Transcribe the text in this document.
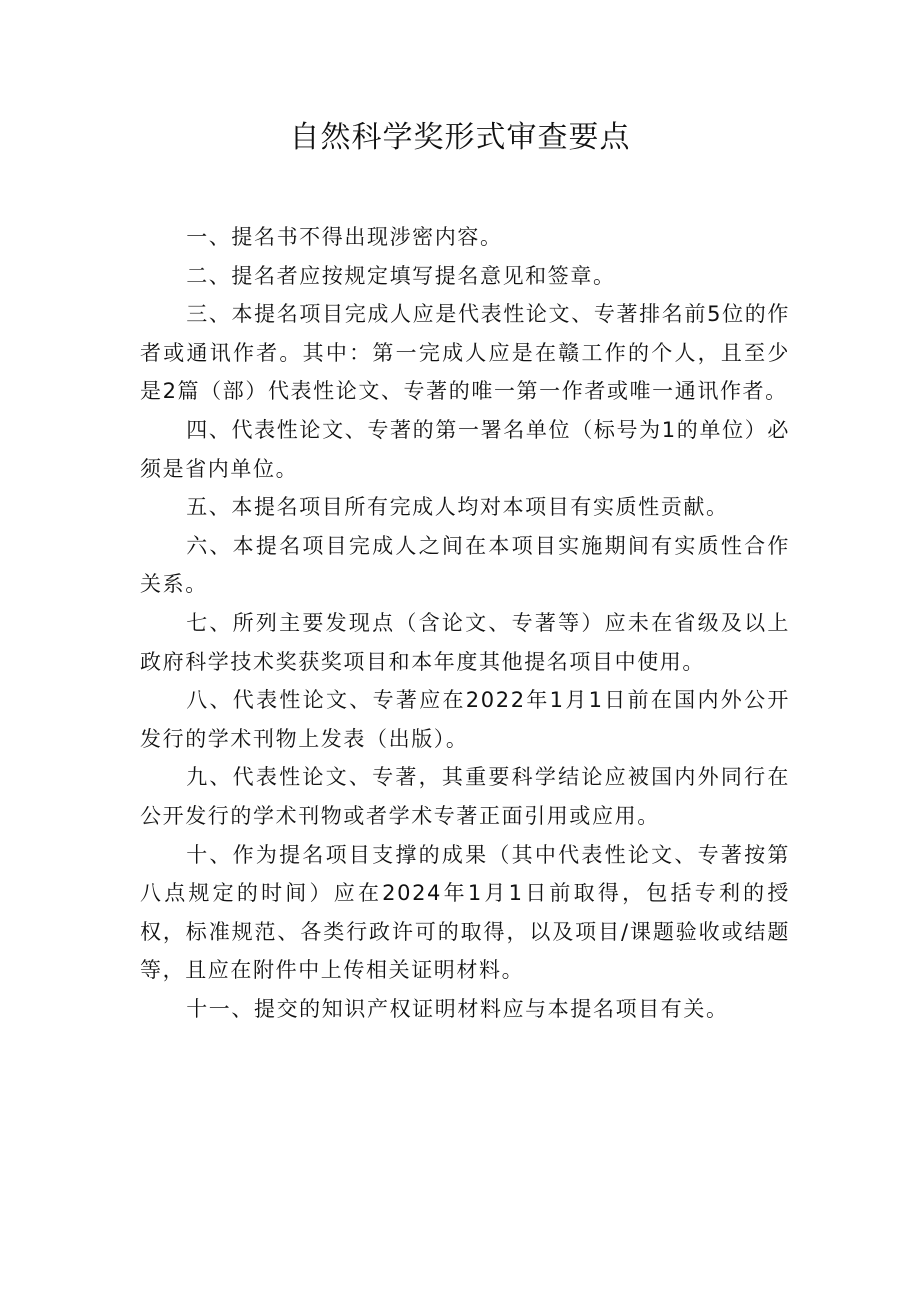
自然科学奖形式审查要点

一、提名书不得出现涉密内容。

二、提名者应按规定填写提名意见和签章。

三、本提名项目完成人应是代表性论文、专著排名前5位的作者或通讯作者。其中：第一完成人应是在赣工作的个人，且至少是2篇（部）代表性论文、专著的唯一第一作者或唯一通讯作者。

四、代表性论文、专著的第一署名单位（标号为1的单位）必须是省内单位。

五、本提名项目所有完成人均对本项目有实质性贡献。

六、本提名项目完成人之间在本项目实施期间有实质性合作关系。

七、所列主要发现点（含论文、专著等）应未在省级及以上政府科学技术奖获奖项目和本年度其他提名项目中使用。

八、代表性论文、专著应在2022年1月1日前在国内外公开发行的学术刊物上发表（出版）。

九、代表性论文、专著，其重要科学结论应被国内外同行在公开发行的学术刊物或者学术专著正面引用或应用。

十、作为提名项目支撑的成果（其中代表性论文、专著按第八点规定的时间）应在2024年1月1日前取得，包括专利的授权，标准规范、各类行政许可的取得，以及项目/课题验收或结题等，且应在附件中上传相关证明材料。

十一、提交的知识产权证明材料应与本提名项目有关。
